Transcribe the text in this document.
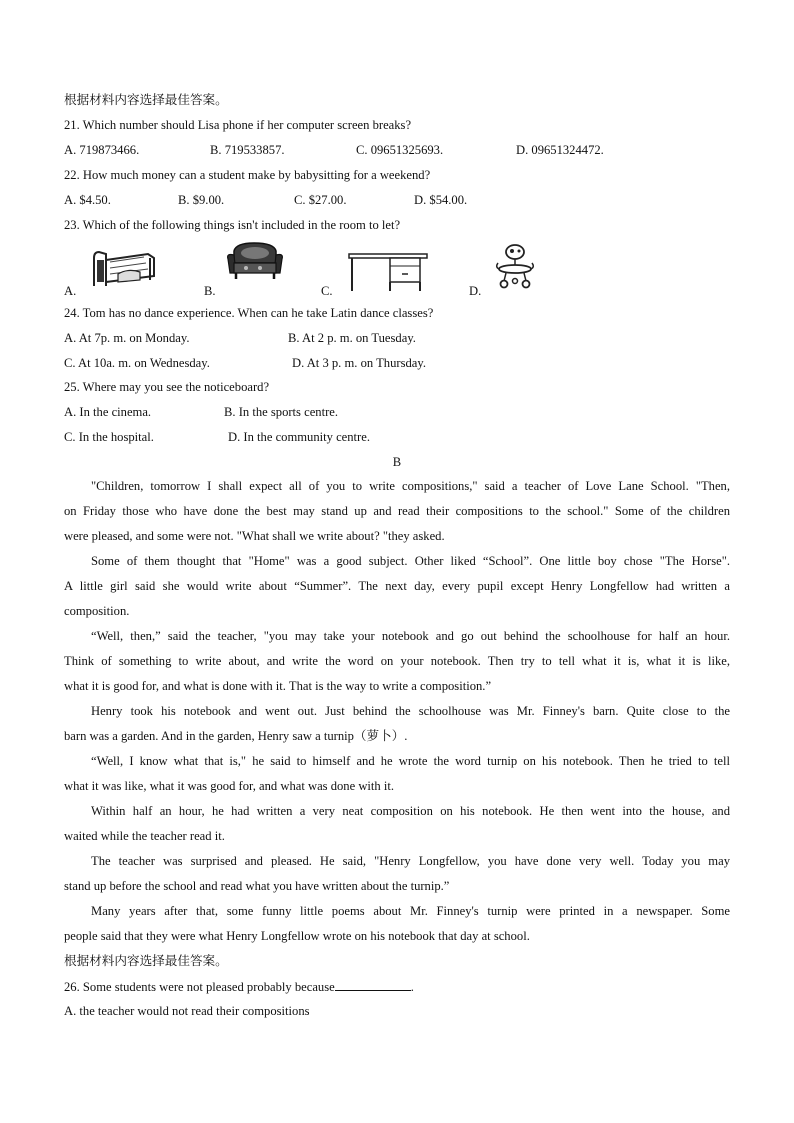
根据材料内容选择最佳答案。
21. Which number should Lisa phone if her computer screen breaks?
A. 719873466.	B. 719533857.	C. 09651325693.	D. 09651324472.
22. How much money can a student make by babysitting for a weekend?
A. $4.50.	B. $9.00.	C. $27.00.	D. $54.00.
23. Which of the following things isn't included in the room to let?
A.	B.	C.	D.
24. Tom has no dance experience. When can he take Latin dance classes?
A. At 7p. m. on Monday.	B. At 2 p. m. on Tuesday.
C. At 10a. m. on Wednesday.	D. At 3 p. m. on Thursday.
25. Where may you see the noticeboard?
A. In the cinema.	B. In the sports centre.
C. In the hospital.	D. In the community centre.
B
"Children, tomorrow I shall expect all of you to write compositions," said a teacher of Love Lane School. "Then,
on Friday those who have done the best may stand up and read their compositions to the school." Some of the children
were pleased, and some were not. "What shall we write about? "they asked.
Some of them thought that "Home" was a good subject. Other liked “School”. One little boy chose "The Horse".
A little girl said she would write about “Summer”. The next day, every pupil except Henry Longfellow had written a
composition.
“Well, then,” said the teacher, "you may take your notebook and go out behind the schoolhouse for half an hour.
Think of something to write about, and write the word on your notebook. Then try to tell what it is, what it is like,
what it is good for, and what is done with it. That is the way to write a composition.”
Henry took his notebook and went out. Just behind the schoolhouse was Mr. Finney's barn. Quite close to the
barn was a garden. And in the garden, Henry saw a turnip（萝卜）.
“Well, I know what that is," he said to himself and he wrote the word turnip on his notebook. Then he tried to tell
what it was like, what it was good for, and what was done with it.
Within half an hour, he had written a very neat composition on his notebook. He then went into the house, and
waited while the teacher read it.
The teacher was surprised and pleased. He said, "Henry Longfellow, you have done very well. Today you may
stand up before the school and read what you have written about the turnip.”
Many years after that, some funny little poems about Mr. Finney's turnip were printed in a newspaper. Some
people said that they were what Henry Longfellow wrote on his notebook that day at school.
根据材料内容选择最佳答案。
26. Some students were not pleased probably because	.
A. the teacher would not read their compositions
